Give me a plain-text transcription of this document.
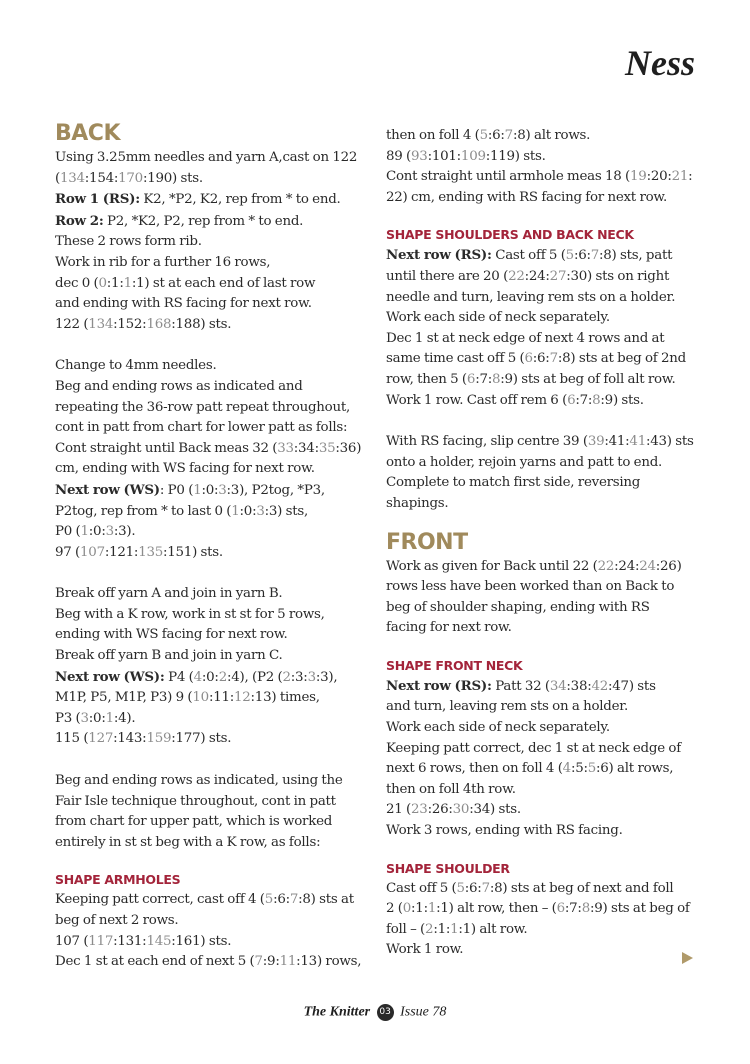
Ness
BACK

Using 3.25mm needles and yarn A,cast on 122 (134:154:170:190) sts.
Row 1 (RS): K2, *P2, K2, rep from * to end.
Row 2: P2, *K2, P2, rep from * to end.
These 2 rows form rib.
Work in rib for a further 16 rows,
dec 0 (0:1:1:1) st at each end of last row
and ending with RS facing for next row.
122 (134:152:168:188) sts.

Change to 4mm needles.
Beg and ending rows as indicated and
repeating the 36-row patt repeat throughout,
cont in patt from chart for lower patt as folls:
Cont straight until Back meas 32 (33:34:35:36)
cm, ending with WS facing for next row.
Next row (WS): P0 (1:0:3:3), P2tog, *P3,
P2tog, rep from * to last 0 (1:0:3:3) sts,
P0 (1:0:3:3).
97 (107:121:135:151) sts.

Break off yarn A and join in yarn B.
Beg with a K row, work in st st for 5 rows,
ending with WS facing for next row.
Break off yarn B and join in yarn C.
Next row (WS): P4 (4:0:2:4), (P2 (2:3:3:3),
M1P, P5, M1P, P3) 9 (10:11:12:13) times,
P3 (3:0:1:4).
115 (127:143:159:177) sts.

Beg and ending rows as indicated, using the
Fair Isle technique throughout, cont in patt
from chart for upper patt, which is worked
entirely in st st beg with a K row, as folls:

SHAPE ARMHOLES

Keeping patt correct, cast off 4 (5:6:7:8) sts at
beg of next 2 rows.
107 (117:131:145:161) sts.
Dec 1 st at each end of next 5 (7:9:11:13) rows,

then on foll 4 (5:6:7:8) alt rows.
89 (93:101:109:119) sts.
Cont straight until armhole meas 18 (19:20:21:
22) cm, ending with RS facing for next row.

SHAPE SHOULDERS AND BACK NECK

Next row (RS): Cast off 5 (5:6:7:8) sts, patt
until there are 20 (22:24:27:30) sts on right
needle and turn, leaving rem sts on a holder.
Work each side of neck separately.
Dec 1 st at neck edge of next 4 rows and at
same time cast off 5 (6:6:7:8) sts at beg of 2nd
row, then 5 (6:7:8:9) sts at beg of foll alt row.
Work 1 row. Cast off rem 6 (6:7:8:9) sts.

With RS facing, slip centre 39 (39:41:41:43) sts
onto a holder, rejoin yarns and patt to end.
Complete to match first side, reversing
shapings.

FRONT

Work as given for Back until 22 (22:24:24:26)
rows less have been worked than on Back to
beg of shoulder shaping, ending with RS
facing for next row.

SHAPE FRONT NECK

Next row (RS): Patt 32 (34:38:42:47) sts
and turn, leaving rem sts on a holder.
Work each side of neck separately.
Keeping patt correct, dec 1 st at neck edge of
next 6 rows, then on foll 4 (4:5:5:6) alt rows,
then on foll 4th row.
21 (23:26:30:34) sts.
Work 3 rows, ending with RS facing.

SHAPE SHOULDER

Cast off 5 (5:6:7:8) sts at beg of next and foll
2 (0:1:1:1) alt row, then – (6:7:8:9) sts at beg of
foll – (2:1:1:1) alt row.
Work 1 row.

The Knitter 03 Issue 78
